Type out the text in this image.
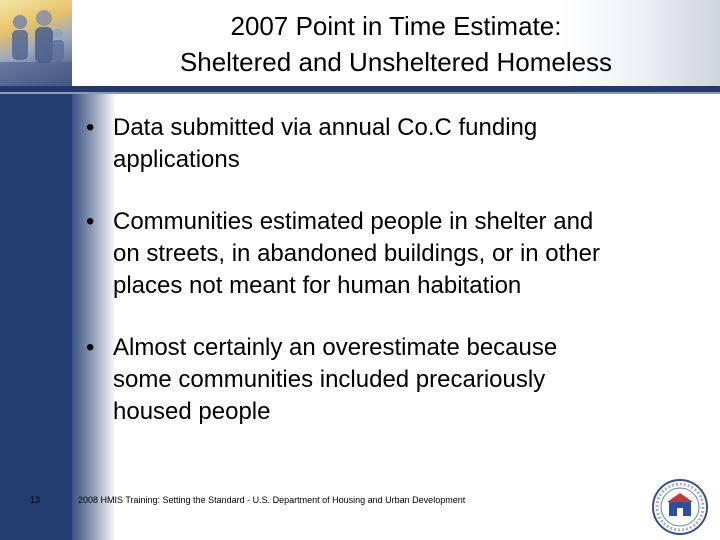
2007 Point in Time Estimate:
Sheltered and Unsheltered Homeless
• Data submitted via annual Co.C funding
applications
• Communities estimated people in shelter and
on streets, in abandoned buildings, or in other
places not meant for human habitation
• Almost certainly an overestimate because
some communities included precariously
housed people
13	2008 HMIS Training: Setting the Standard - U.S. Department of Housing and Urban Development
